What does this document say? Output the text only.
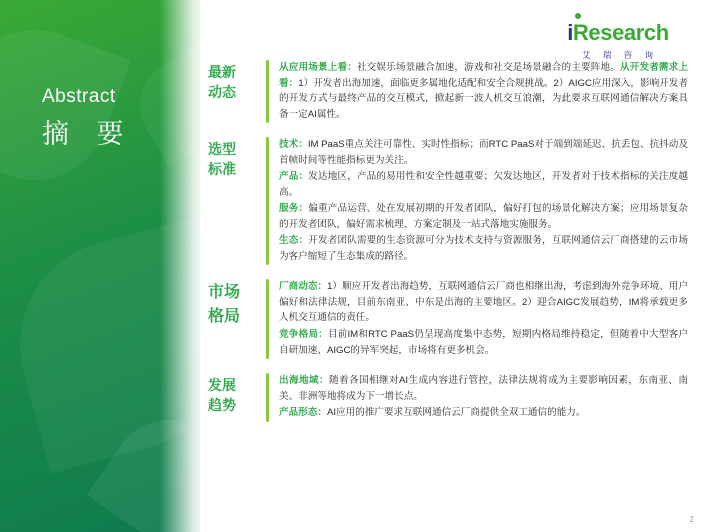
Abstract
摘 要
iResearch
艾 瑞 咨 询
最新
动态

从应用场景上看：社交娱乐场景融合加速，游戏和社交是场景融合的主要阵地。从开发者需求上看：1）开发者出海加速，面临更多属地化适配和安全合规挑战。2）AIGC应用深入，影响开发者的开发方式与最终产品的交互模式，掀起新一波人机交互浪潮，为此要求互联网通信解决方案具备一定AI属性。

选型
标准

技术：IM PaaS重点关注可靠性、实时性指标；而RTC PaaS对于端到端延迟、抗丢包、抗抖动及首帧时间等性能指标更为关注。

产品：发达地区，产品的易用性和安全性越重要；欠发达地区，开发者对于技术指标的关注度越高。

服务：偏重产品运营、处在发展初期的开发者团队，偏好打包的场景化解决方案；应用场景复杂的开发者团队，偏好需求梳理、方案定制及一站式落地实施服务。

生态：开发者团队需要的生态资源可分为技术支持与资源服务，互联网通信云厂商搭建的云市场为客户缩短了生态集成的路径。

市场
格局

厂商动态：1）顺应开发者出海趋势，互联网通信云厂商也相继出海，考虑到海外竞争环境、用户偏好和法律法规，目前东南亚、中东是出海的主要地区。2）迎合AIGC发展趋势，IM将承载更多人机交互通信的责任。

竞争格局：目前IM和RTC PaaS仍呈现高度集中态势，短期内格局维持稳定，但随着中大型客户自研加速、AIGC的异军突起，市场将有更多机会。

发展
趋势

出海地域：随着各国相继对AI生成内容进行管控，法律法规将成为主要影响因素，东南亚、南美、非洲等地将成为下一增长点。

产品形态：AI应用的推广要求互联网通信云厂商提供全双工通信的能力。

2
